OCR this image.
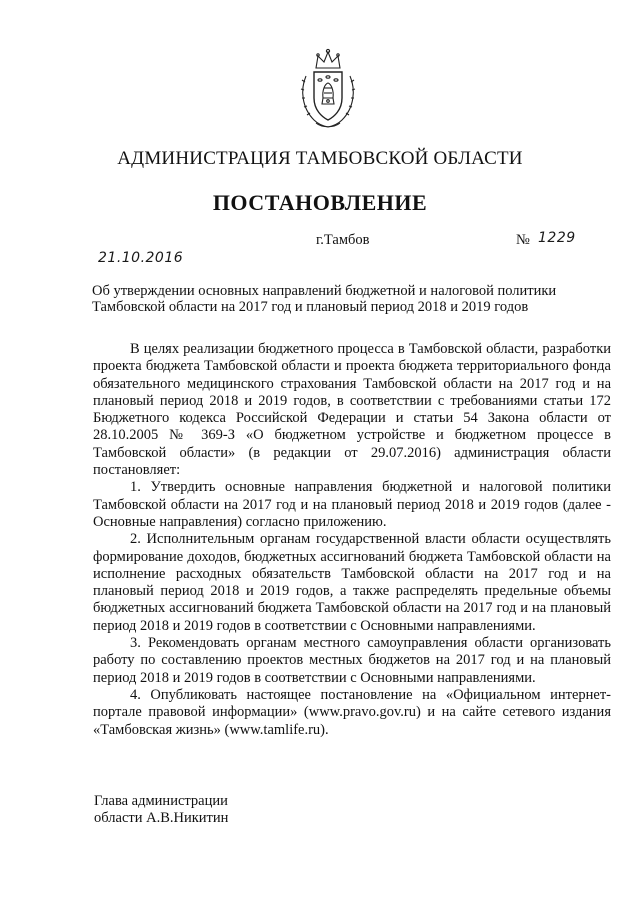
АДМИНИСТРАЦИЯ ТАМБОВСКОЙ ОБЛАСТИ
ПОСТАНОВЛЕНИЕ
г.Тамбов	№ 1229
21.10.2016
Об утверждении основных направлений бюджетной и налоговой политики Тамбовской области на 2017 год и плановый период 2018 и 2019 годов

В целях реализации бюджетного процесса в Тамбовской области, разработки проекта бюджета Тамбовской области и проекта бюджета территориального фонда обязательного медицинского страхования Тамбовской области на 2017 год и на плановый период 2018 и 2019 годов, в соответствии с требованиями статьи 172 Бюджетного кодекса Российской Федерации и статьи 54 Закона области от 28.10.2005 № 369-З «О бюджетном устройстве и бюджетном процессе в Тамбовской области» (в редакции от 29.07.2016) администрация области постановляет:

1. Утвердить основные направления бюджетной и налоговой политики Тамбовской области на 2017 год и на плановый период 2018 и 2019 годов (далее - Основные направления) согласно приложению.

2. Исполнительным органам государственной власти области осуществлять формирование доходов, бюджетных ассигнований бюджета Тамбовской области на исполнение расходных обязательств Тамбовской области на 2017 год и на плановый период 2018 и 2019 годов, а также распределять предельные объемы бюджетных ассигнований бюджета Тамбовской области на 2017 год и на плановый период 2018 и 2019 годов в соответствии с Основными направлениями.

3. Рекомендовать органам местного самоуправления области организовать работу по составлению проектов местных бюджетов на 2017 год и на плановый период 2018 и 2019 годов в соответствии с Основными направлениями.

4. Опубликовать настоящее постановление на «Официальном интернет-портале правовой информации» (www.pravo.gov.ru) и на сайте сетевого издания «Тамбовская жизнь» (www.tamlife.ru).

Глава администрации
области А.В.Никитин
